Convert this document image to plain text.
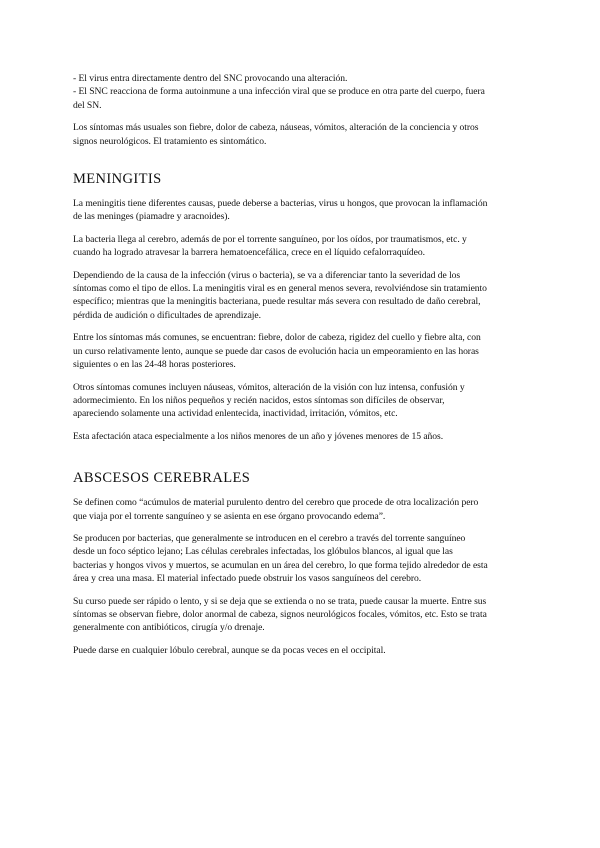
- El virus entra directamente dentro del SNC provocando una alteración.

- El SNC reacciona de forma autoinmune a una infección viral que se produce en otra parte del cuerpo, fuera

del SN.

Los síntomas más usuales son fiebre, dolor de cabeza, náuseas, vómitos, alteración de la conciencia y otros

signos neurológicos. El tratamiento es sintomático.

MENINGITIS

La meningitis tiene diferentes causas, puede deberse a bacterias, virus u hongos, que provocan la inflamación

de las meninges (piamadre y aracnoides).

La bacteria llega al cerebro, además de por el torrente sanguíneo, por los oídos, por traumatismos, etc. y

cuando ha logrado atravesar la barrera hematoencefálica, crece en el líquido cefalorraquídeo.

Dependiendo de la causa de la infección (virus o bacteria), se va a diferenciar tanto la severidad de los

síntomas como el tipo de ellos. La meningitis viral es en general menos severa, revolviéndose sin tratamiento

específico; mientras que la meningitis bacteriana, puede resultar más severa con resultado de daño cerebral,

pérdida de audición o dificultades de aprendizaje.

Entre los síntomas más comunes, se encuentran: fiebre, dolor de cabeza, rigidez del cuello y fiebre alta, con

un curso relativamente lento, aunque se puede dar casos de evolución hacia un empeoramiento en las horas

siguientes o en las 24-48 horas posteriores.

Otros síntomas comunes incluyen náuseas, vómitos, alteración de la visión con luz intensa, confusión y

adormecimiento. En los niños pequeños y recién nacidos, estos síntomas son difíciles de observar,

apareciendo solamente una actividad enlentecida, inactividad, irritación, vómitos, etc.

Esta afectación ataca especialmente a los niños menores de un año y jóvenes menores de 15 años.

ABSCESOS CEREBRALES

Se definen como “acúmulos de material purulento dentro del cerebro que procede de otra localización pero

que viaja por el torrente sanguíneo y se asienta en ese órgano provocando edema”.

Se producen por bacterias, que generalmente se introducen en el cerebro a través del torrente sanguíneo

desde un foco séptico lejano; Las células cerebrales infectadas, los glóbulos blancos, al igual que las

bacterias y hongos vivos y muertos, se acumulan en un área del cerebro, lo que forma tejido alrededor de esta

área y crea una masa. El material infectado puede obstruir los vasos sanguíneos del cerebro.

Su curso puede ser rápido o lento, y si se deja que se extienda o no se trata, puede causar la muerte. Entre sus

síntomas se observan fiebre, dolor anormal de cabeza, signos neurológicos focales, vómitos, etc. Esto se trata

generalmente con antibióticos, cirugía y/o drenaje.

Puede darse en cualquier lóbulo cerebral, aunque se da pocas veces en el occipital.
